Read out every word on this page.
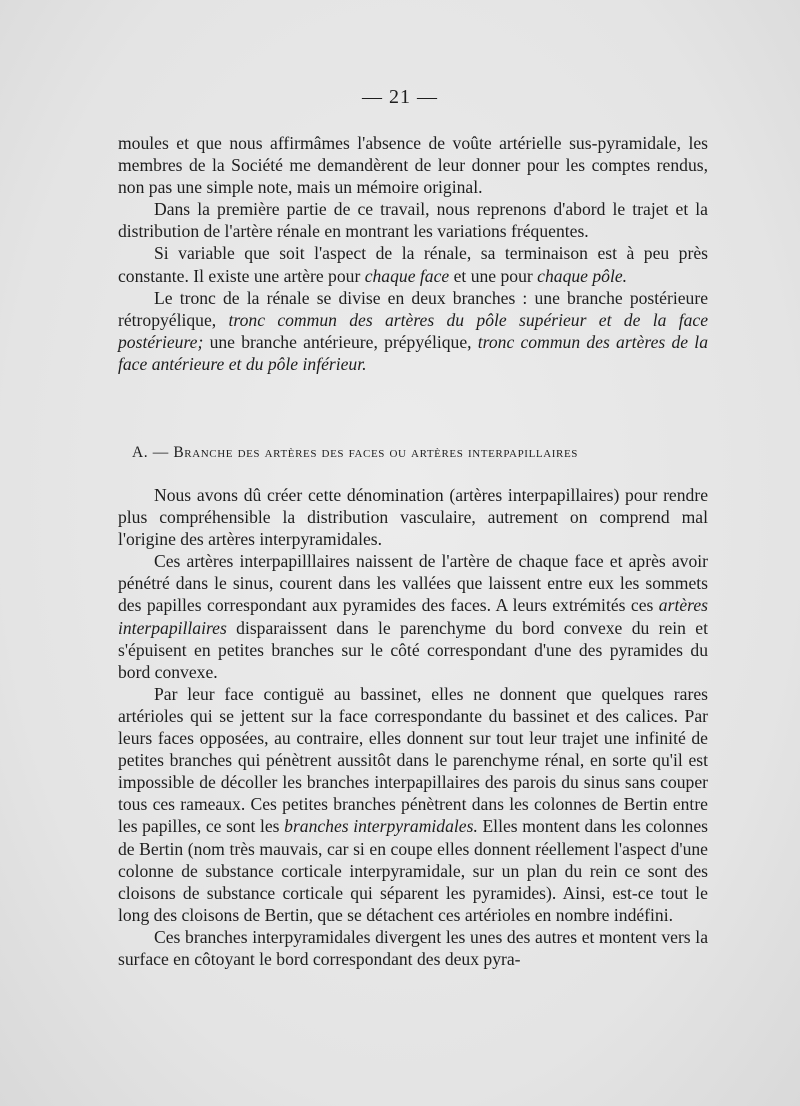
— 21 —

moules et que nous affirmâmes l'absence de voûte artérielle sus-pyramidale, les membres de la Société me demandèrent de leur donner pour les comptes rendus, non pas une simple note, mais un mémoire original.

Dans la première partie de ce travail, nous reprenons d'abord le trajet et la distribution de l'artère rénale en montrant les variations fréquentes.

Si variable que soit l'aspect de la rénale, sa terminaison est à peu près constante. Il existe une artère pour chaque face et une pour chaque pôle.

Le tronc de la rénale se divise en deux branches : une branche postérieure rétropyélique, tronc commun des artères du pôle supérieur et de la face postérieure; une branche antérieure, prépyélique, tronc commun des artères de la face antérieure et du pôle inférieur.

A. — Branche des artères des faces ou artères interpapillaires

Nous avons dû créer cette dénomination (artères interpapillaires) pour rendre plus compréhensible la distribution vasculaire, autrement on comprend mal l'origine des artères interpyramidales.

Ces artères interpapilllaires naissent de l'artère de chaque face et après avoir pénétré dans le sinus, courent dans les vallées que laissent entre eux les sommets des papilles correspondant aux pyramides des faces. A leurs extrémités ces artères interpapillaires disparaissent dans le parenchyme du bord convexe du rein et s'épuisent en petites branches sur le côté correspondant d'une des pyramides du bord convexe.

Par leur face contiguë au bassinet, elles ne donnent que quelques rares artérioles qui se jettent sur la face correspondante du bassinet et des calices. Par leurs faces opposées, au contraire, elles donnent sur tout leur trajet une infinité de petites branches qui pénètrent aussitôt dans le parenchyme rénal, en sorte qu'il est impossible de décoller les branches interpapillaires des parois du sinus sans couper tous ces rameaux. Ces petites branches pénètrent dans les colonnes de Bertin entre les papilles, ce sont les branches interpyramidales. Elles montent dans les colonnes de Bertin (nom très mauvais, car si en coupe elles donnent réellement l'aspect d'une colonne de substance corticale interpyramidale, sur un plan du rein ce sont des cloisons de substance corticale qui séparent les pyramides). Ainsi, est-ce tout le long des cloisons de Bertin, que se détachent ces artérioles en nombre indéfini.

Ces branches interpyramidales divergent les unes des autres et montent vers la surface en côtoyant le bord correspondant des deux pyra-
